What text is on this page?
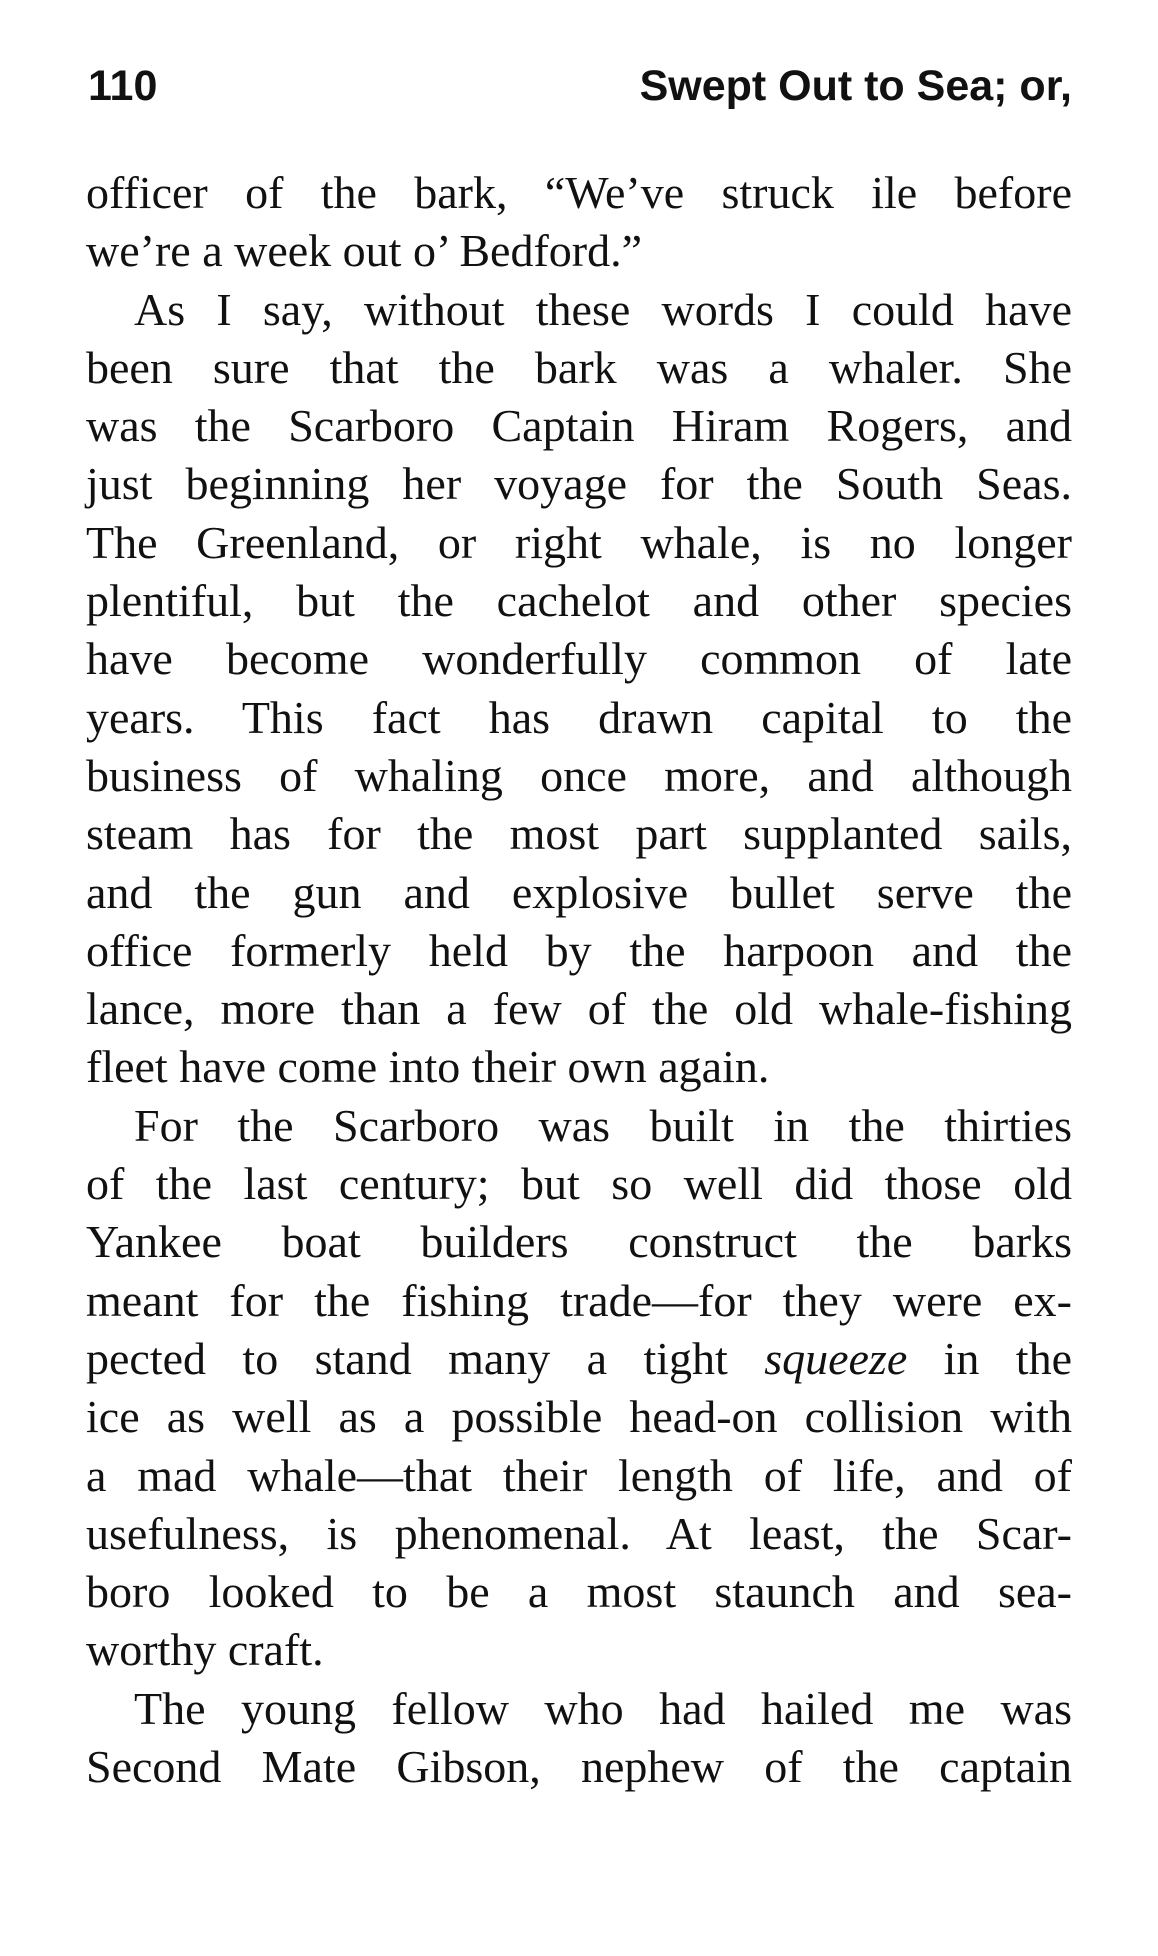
110	Swept Out to Sea; or,
officer of the bark, “We’ve struck ile before
we’re a week out o’ Bedford.”
As I say, without these words I could have
been sure that the bark was a whaler. She
was the Scarboro Captain Hiram Rogers, and
just beginning her voyage for the South Seas.
The Greenland, or right whale, is no longer
plentiful, but the cachelot and other species
have become wonderfully common of late
years. This fact has drawn capital to the
business of whaling once more, and although
steam has for the most part supplanted sails,
and the gun and explosive bullet serve the
office formerly held by the harpoon and the
lance, more than a few of the old whale-fishing
fleet have come into their own again.
For the Scarboro was built in the thirties
of the last century; but so well did those old
Yankee boat builders construct the barks
meant for the fishing trade—for they were ex-
pected to stand many a tight squeeze in the
ice as well as a possible head-on collision with
a mad whale—that their length of life, and of
usefulness, is phenomenal. At least, the Scar-
boro looked to be a most staunch and sea-
worthy craft.
The young fellow who had hailed me was
Second Mate Gibson, nephew of the captain
